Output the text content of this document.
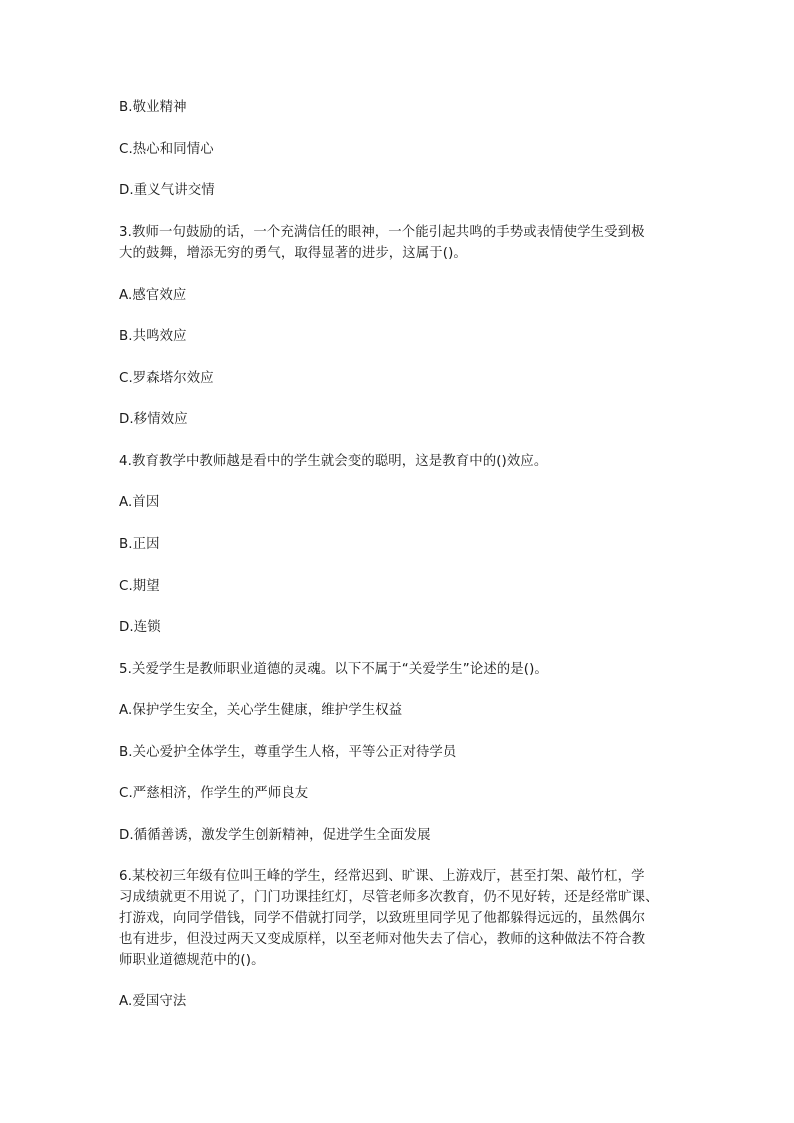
B.敬业精神
C.热心和同情心
D.重义气讲交情
3.教师一句鼓励的话，一个充满信任的眼神，一个能引起共鸣的手势或表情使学生受到极
大的鼓舞，增添无穷的勇气，取得显著的进步，这属于()。
A.感官效应
B.共鸣效应
C.罗森塔尔效应
D.移情效应
4.教育教学中教师越是看中的学生就会变的聪明，这是教育中的()效应。
A.首因
B.正因
C.期望
D.连锁
5.关爱学生是教师职业道德的灵魂。以下不属于“关爱学生”论述的是()。
A.保护学生安全，关心学生健康，维护学生权益
B.关心爱护全体学生，尊重学生人格，平等公正对待学员
C.严慈相济，作学生的严师良友
D.循循善诱，激发学生创新精神，促进学生全面发展
6.某校初三年级有位叫王峰的学生，经常迟到、旷课、上游戏厅，甚至打架、敲竹杠，学
习成绩就更不用说了，门门功课挂红灯，尽管老师多次教育，仍不见好转，还是经常旷课、
打游戏，向同学借钱，同学不借就打同学，以致班里同学见了他都躲得远远的，虽然偶尔
也有进步，但没过两天又变成原样，以至老师对他失去了信心，教师的这种做法不符合教
师职业道德规范中的()。
A.爱国守法
